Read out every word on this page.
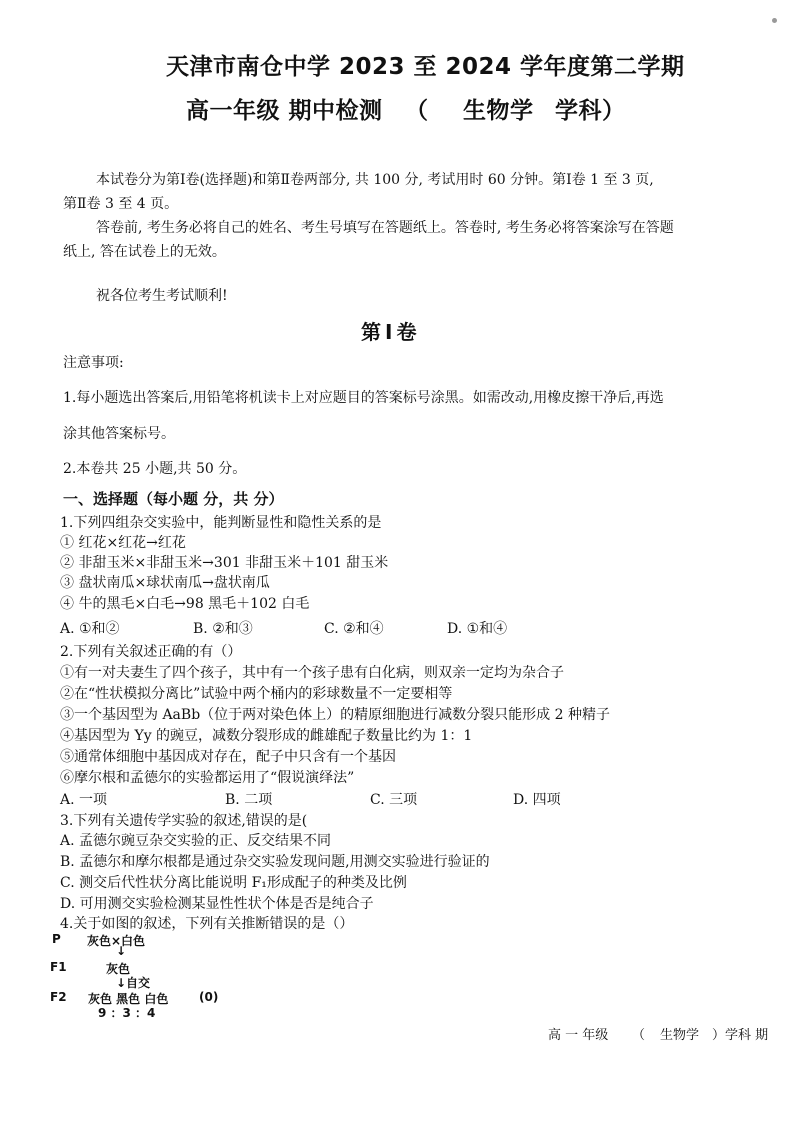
天津市南仓中学 2023 至 2024 学年度第二学期
高一年级 期中检测 （ 生物学 学科）
本试卷分为第Ⅰ卷(选择题)和第Ⅱ卷两部分, 共 100 分, 考试用时 60 分钟。第Ⅰ卷 1 至 3 页,
第Ⅱ卷 3 至 4 页。
答卷前, 考生务必将自己的姓名、考生号填写在答题纸上。答卷时, 考生务必将答案涂写在答题
纸上, 答在试卷上的无效。
祝各位考生考试顺利!
第Ⅰ卷
注意事项:
1.每小题选出答案后,用铅笔将机读卡上对应题目的答案标号涂黑。如需改动,用橡皮擦干净后,再选
涂其他答案标号。
2.本卷共 25 小题,共 50 分。
一、选择题（每小题 分，共 分）
1.下列四组杂交实验中，能判断显性和隐性关系的是
① 红花×红花→红花
② 非甜玉米×非甜玉米→301 非甜玉米＋101 甜玉米
③ 盘状南瓜×球状南瓜→盘状南瓜
④ 牛的黑毛×白毛→98 黑毛＋102 白毛
A. ①和②	B. ②和③	C. ②和④	D. ①和④
2.下列有关叙述正确的有（）
①有一对夫妻生了四个孩子，其中有一个孩子患有白化病，则双亲一定均为杂合子
②在“性状模拟分离比”试验中两个桶内的彩球数量不一定要相等
③一个基因型为 AaBb（位于两对染色体上）的精原细胞进行减数分裂只能形成 2 种精子
④基因型为 Yy 的豌豆，减数分裂形成的雌雄配子数量比约为 1：1
⑤通常体细胞中基因成对存在，配子中只含有一个基因
⑥摩尔根和孟德尔的实验都运用了“假说演绎法”
A. 一项	B. 二项	C. 三项	D. 四项
3.下列有关遗传学实验的叙述,错误的是(
A. 孟德尔豌豆杂交实验的正、反交结果不同
B. 孟德尔和摩尔根都是通过杂交实验发现问题,用测交实验进行验证的
C. 测交后代性状分离比能说明 F₁形成配子的种类及比例
D. 可用测交实验检测某显性性状个体是否是纯合子
4.关于如图的叙述，下列有关推断错误的是（）
P 灰色×白色
↓
F1	灰色
↓自交
F2 灰色 黑色 白色	(0)
9 ：3 ：4
高 一 年级 （ 生物学 ）学科 期
